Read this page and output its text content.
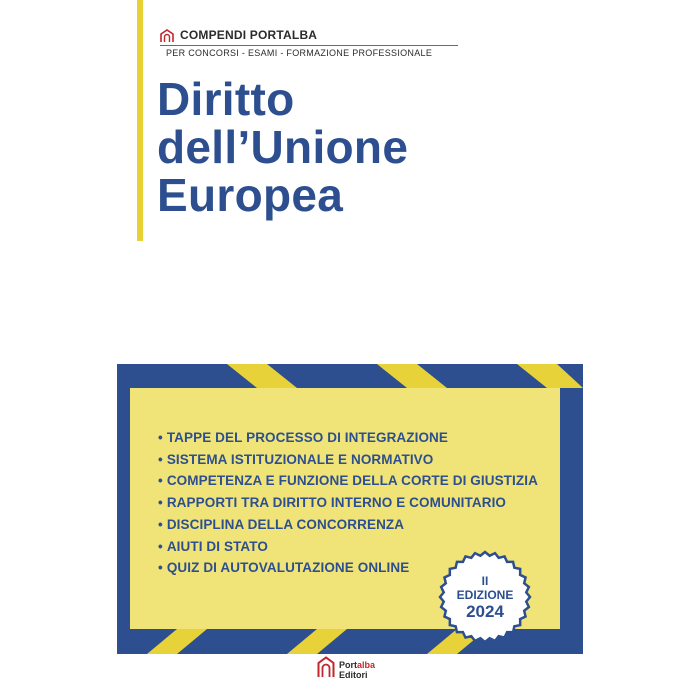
COMPENDI PORTALBA
PER CONCORSI - ESAMI - FORMAZIONE PROFESSIONALE
Diritto
dell’Unione
Europea
• TAPPE DEL PROCESSO DI INTEGRAZIONE
• SISTEMA ISTITUZIONALE E NORMATIVO
• COMPETENZA E FUNZIONE DELLA CORTE DI GIUSTIZIA
• RAPPORTI TRA DIRITTO INTERNO E COMUNITARIO
• DISCIPLINA DELLA CONCORRENZA
• AIUTI DI STATO
• QUIZ DI AUTOVALUTAZIONE ONLINE
II
EDIZIONE
2024
Portalba
Editori
